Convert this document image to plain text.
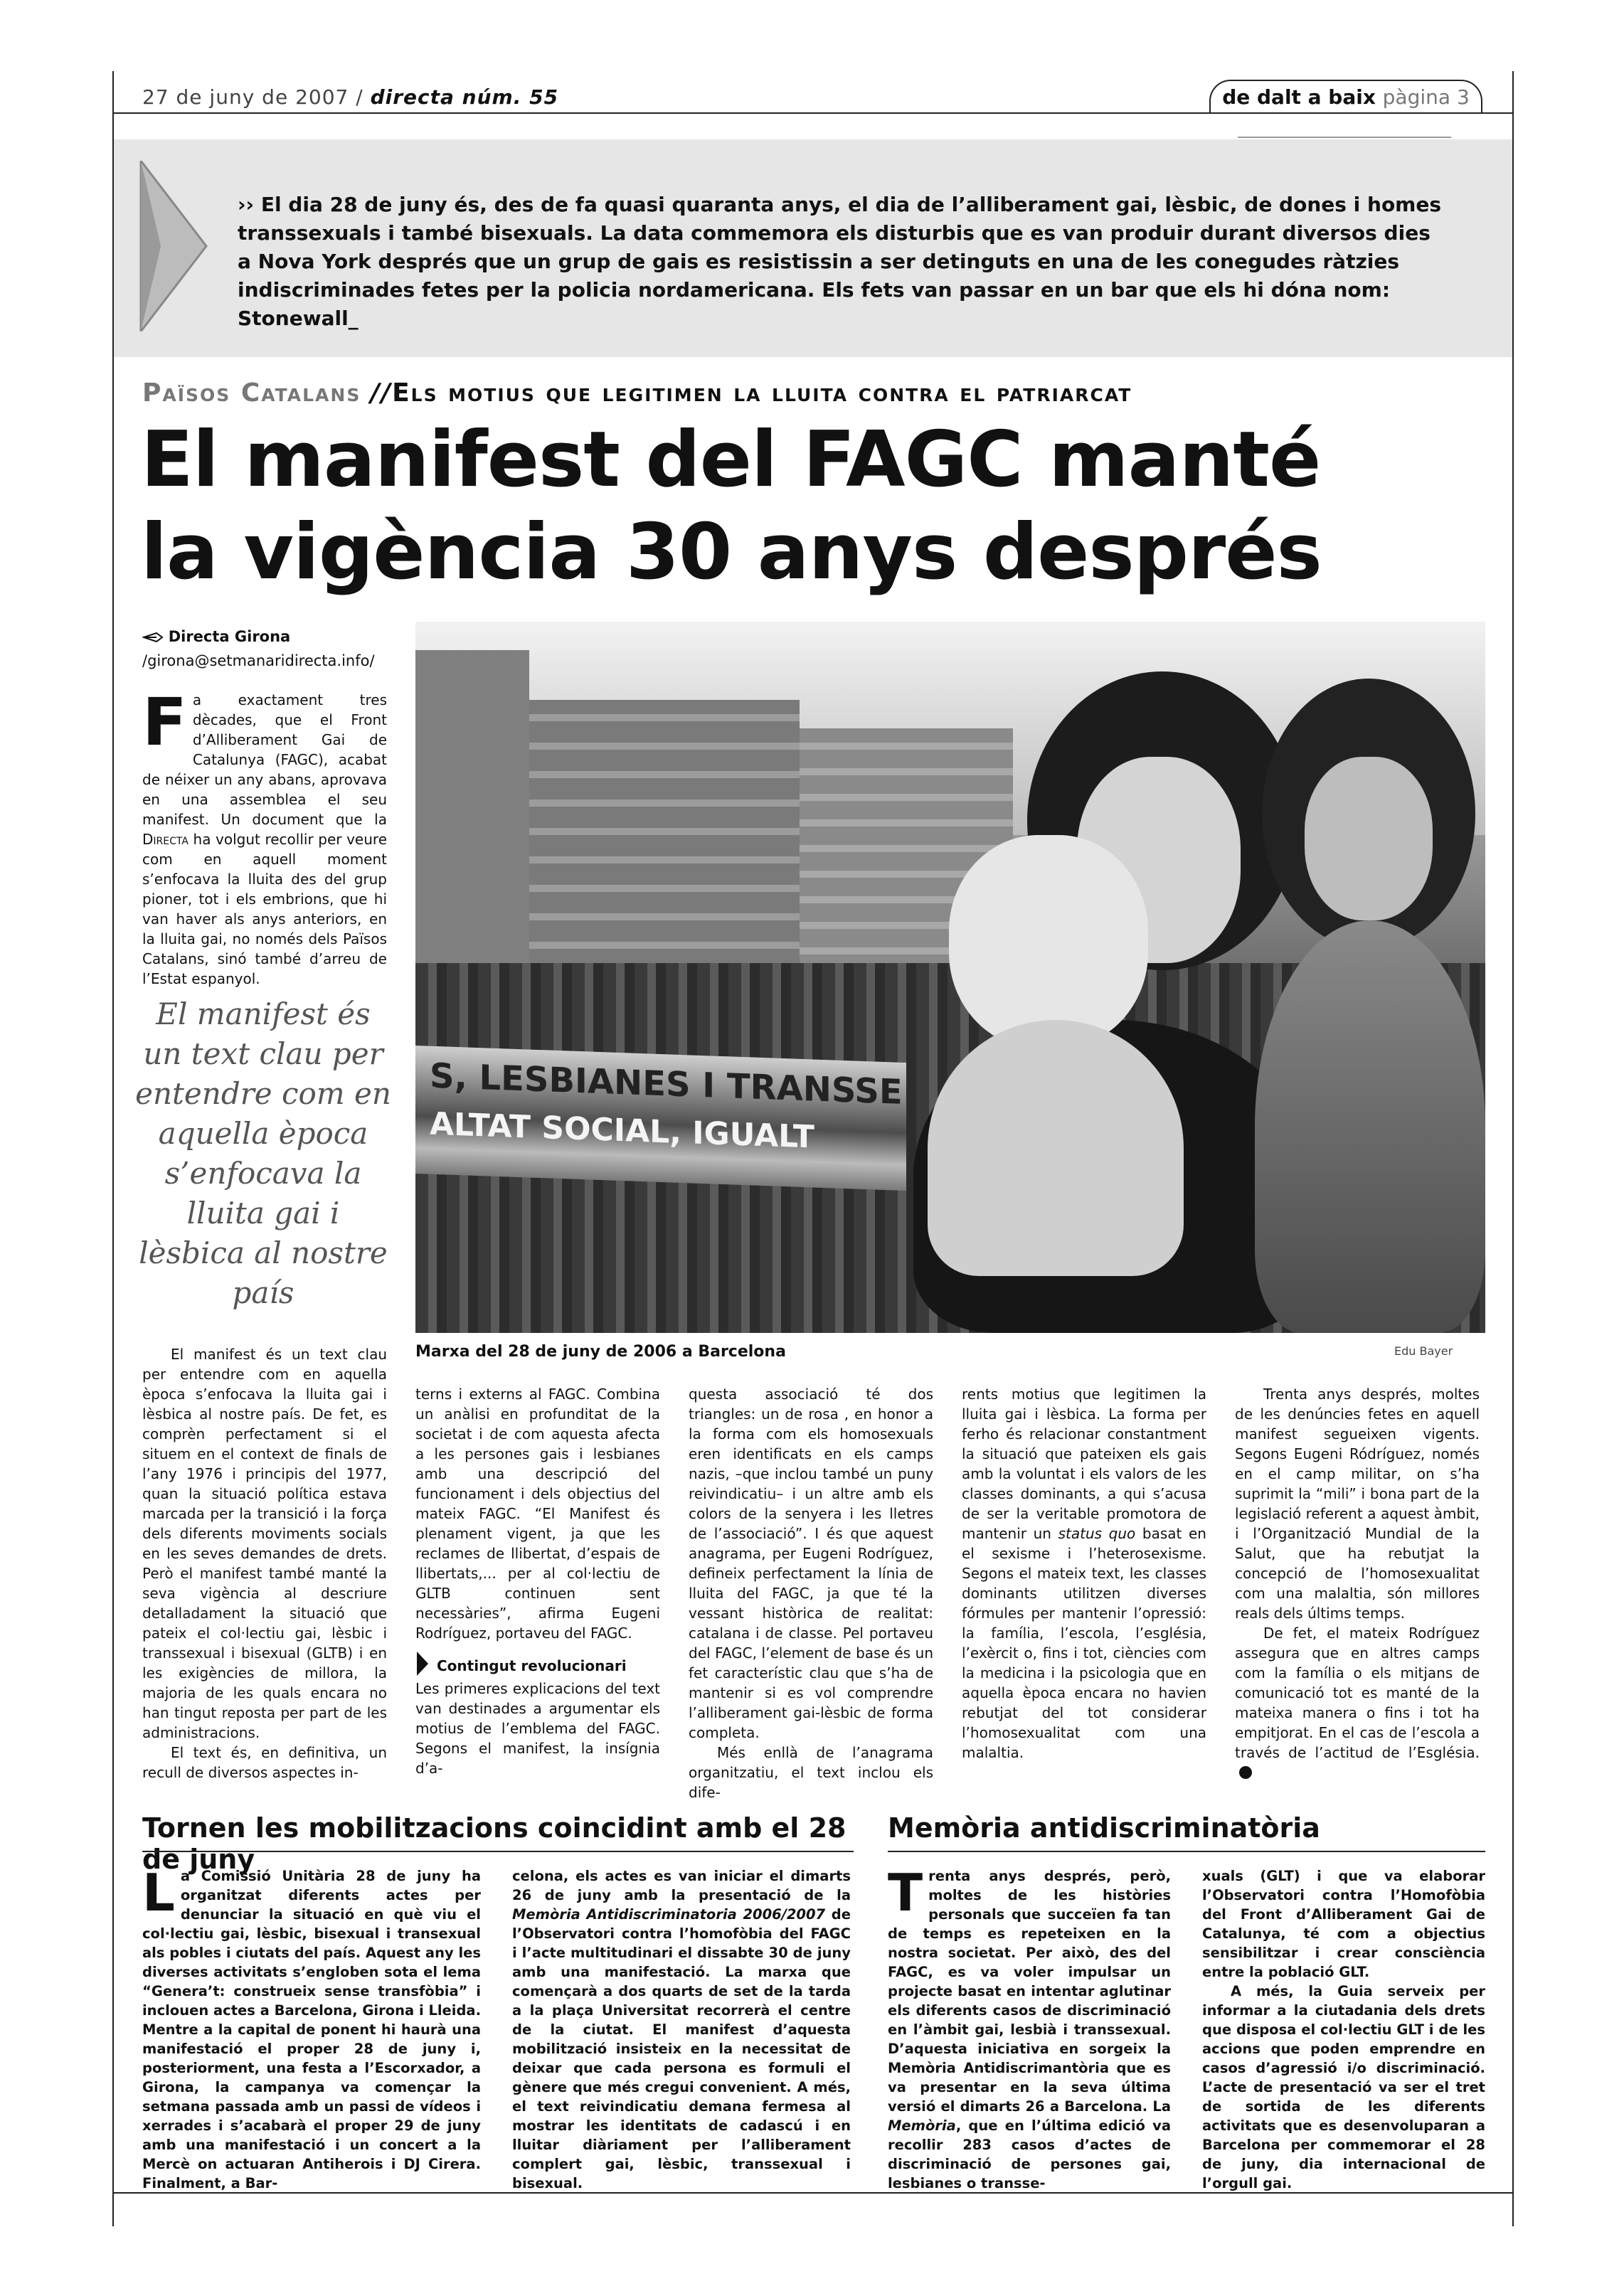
27 de juny de 2007 / directa núm. 55	de dalt a baix pàgina 3
›› El dia 28 de juny és, des de fa quasi quaranta anys, el dia de l’alliberament gai, lèsbic, de dones i homes transsexuals i també bisexuals. La data commemora els disturbis que es van produir durant diversos dies a Nova York després que un grup de gais es resistissin a ser detinguts en una de les conegudes ràtzies indiscriminades fetes per la policia nordamericana. Els fets van passar en un bar que els hi dóna nom: Stonewall_
Països Catalans //Els motius que legitimen la lluita contra el patriarcat
El manifest del FAGC manté
la vigència 30 anys després
Directa Girona
/girona@setmanaridirecta.info/
Fa exactament tres dècades, que el Front d’Alliberament Gai de Catalunya (FAGC), acabat de néixer un any abans, aprovava en una assemblea el seu manifest. Un document que la Directa ha volgut recollir per veure com en aquell moment s’enfocava la lluita des del grup pioner, tot i els embrions, que hi van haver als anys anteriors, en la lluita gai, no només dels Països Catalans, sinó també d’arreu de l’Estat espanyol.
El manifest és un text clau per entendre com en aquella època s’enfocava la lluita gai i lèsbica al nostre país
S, LESBIANES I TRANSSE
ALTAT SOCIAL, IGUALT
Marxa del 28 de juny de 2006 a Barcelona	Edu Bayer

El manifest és un text clau per entendre com en aquella època s’enfocava la lluita gai i lèsbica al nostre país. De fet, es comprèn perfectament si el situem en el context de finals de l’any 1976 i principis del 1977, quan la situació política estava marcada per la transició i la força dels diferents moviments socials en les seves demandes de drets. Però el manifest també manté la seva vigència al descriure detalladament la situació que pateix el col·lectiu gai, lèsbic i transsexual i bisexual (GLTB) i en les exigències de millora, la majoria de les quals encara no han tingut reposta per part de les administracions.

El text és, en definitiva, un recull de diversos aspectes in-

terns i externs al FAGC. Combina un anàlisi en profunditat de la societat i de com aquesta afecta a les persones gais i lesbianes amb una descripció del funcionament i dels objectius del mateix FAGC. “El Manifest és plenament vigent, ja que les reclames de llibertat, d’espais de llibertats,... per al col·lectiu de GLTB continuen sent necessàries”, afirma Eugeni Rodríguez, portaveu del FAGC.

Contingut revolucionari

Les primeres explicacions del text van destinades a argumentar els motius de l’emblema del FAGC. Segons el manifest, la insígnia d’a-

questa associació té dos triangles: un de rosa , en honor a la forma com els homosexuals eren identificats en els camps nazis, –que inclou també un puny reivindicatiu– i un altre amb els colors de la senyera i les lletres de l’associació”. I és que aquest anagrama, per Eugeni Rodríguez, defineix perfectament la línia de lluita del FAGC, ja que té la vessant històrica de realitat: catalana i de classe. Pel portaveu del FAGC, l’element de base és un fet característic clau que s’ha de mantenir si es vol comprendre l’alliberament gai-lèsbic de forma completa.

Més enllà de l’anagrama organitzatiu, el text inclou els dife-

rents motius que legitimen la lluita gai i lèsbica. La forma per ferho és relacionar constantment la situació que pateixen els gais amb la voluntat i els valors de les classes dominants, a qui s’acusa de ser la veritable promotora de mantenir un status quo basat en el sexisme i l’heterosexisme. Segons el mateix text, les classes dominants utilitzen diverses fórmules per mantenir l’opressió: la família, l’escola, l’església, l’exèrcit o, fins i tot, ciències com la medicina i la psicologia que en aquella època encara no havien rebutjat del tot considerar l’homosexualitat com una malaltia.

Trenta anys després, moltes de les denúncies fetes en aquell manifest segueixen vigents. Segons Eugeni Ródríguez, només en el camp militar, on s’ha suprimit la “mili” i bona part de la legislació referent a aquest àmbit, i l’Organització Mundial de la Salut, que ha rebutjat la concepció de l’homosexualitat com una malaltia, són millores reals dels últims temps.

De fet, el mateix Rodríguez assegura que en altres camps com la família o els mitjans de comunicació tot es manté de la mateixa manera o fins i tot ha empitjorat. En el cas de l’escola a través de l’actitud de l’Església.

Tornen les mobilitzacions coincidint amb el 28 de juny
La Comissió Unitària 28 de juny ha organitzat diferents actes per denunciar la situació en què viu el col·lectiu gai, lèsbic, bisexual i transexual als pobles i ciutats del país. Aquest any les diverses activitats s’engloben sota el lema “Genera’t: construeix sense transfòbia” i inclouen actes a Barcelona, Girona i Lleida. Mentre a la capital de ponent hi haurà una manifestació el proper 28 de juny i, posteriorment, una festa a l’Escorxador, a Girona, la campanya va començar la setmana passada amb un passi de vídeos i xerrades i s’acabarà el proper 29 de juny amb una manifestació i un concert a la Mercè on actuaran Antiherois i DJ Cirera. Finalment, a Bar-
celona, els actes es van iniciar el dimarts 26 de juny amb la presentació de la Memòria Antidiscriminatoria 2006/2007 de l’Observatori contra l’homofòbia del FAGC i l’acte multitudinari el dissabte 30 de juny amb una manifestació. La marxa que començarà a dos quarts de set de la tarda a la plaça Universitat recorrerà el centre de la ciutat. El manifest d’aquesta mobilització insisteix en la necessitat de deixar que cada persona es formuli el gènere que més cregui convenient. A més, el text reivindicatiu demana fermesa al mostrar les identitats de cadascú i en lluitar diàriament per l’alliberament complert gai, lèsbic, transsexual i bisexual.
Memòria antidiscriminatòria
Trenta anys després, però, moltes de les històries personals que succeïen fa tan de temps es repeteixen en la nostra societat. Per això, des del FAGC, es va voler impulsar un projecte basat en intentar aglutinar els diferents casos de discriminació en l’àmbit gai, lesbià i transsexual. D’aquesta iniciativa en sorgeix la Memòria Antidiscrimantòria que es va presentar en la seva última versió el dimarts 26 a Barcelona. La Memòria, que en l’última edició va recollir 283 casos d’actes de discriminació de persones gai, lesbianes o transse-

xuals (GLT) i que va elaborar l’Observatori contra l’Homofòbia del Front d’Alliberament Gai de Catalunya, té com a objectius sensibilitzar i crear consciència entre la població GLT.

A més, la Guia serveix per informar a la ciutadania dels drets que disposa el col·lectiu GLT i de les accions que poden emprendre en casos d’agressió i/o discriminació. L’acte de presentació va ser el tret de sortida de les diferents activitats que es desenvoluparan a Barcelona per commemorar el 28 de juny, dia internacional de l’orgull gai.
